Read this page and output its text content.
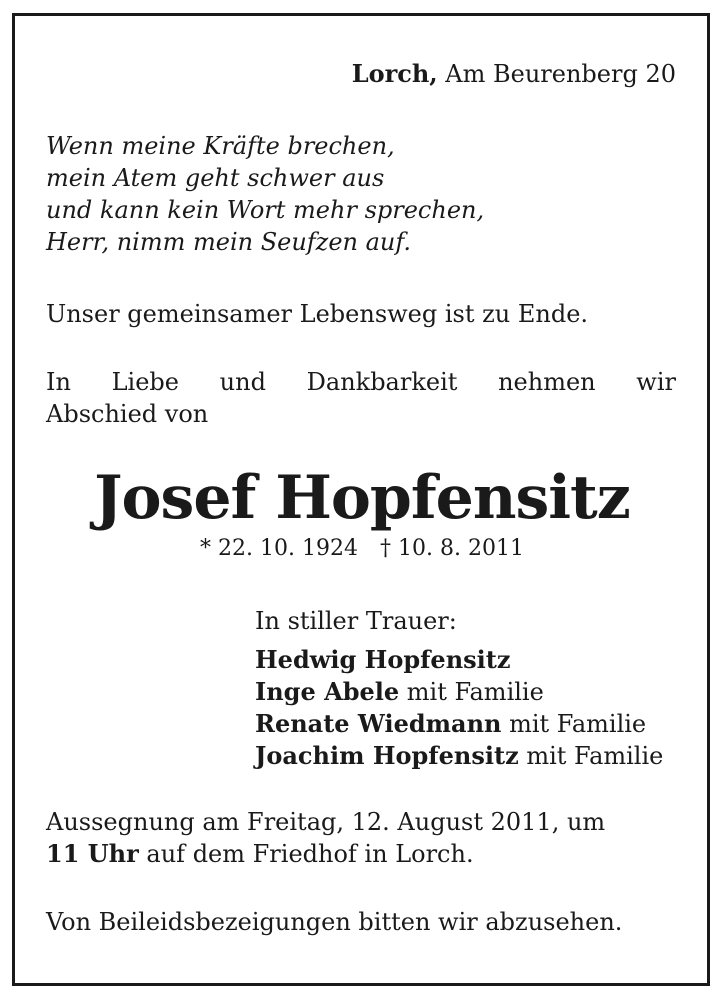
Lorch, Am Beurenberg 20
Wenn meine Kräfte brechen,
mein Atem geht schwer aus
und kann kein Wort mehr sprechen,
Herr, nimm mein Seufzen auf.
Unser gemeinsamer Lebensweg ist zu Ende.
In Liebe und Dankbarkeit nehmen wir
Abschied von
Josef Hopfensitz
* 22. 10. 1924 † 10. 8. 2011
In stiller Trauer:
Hedwig Hopfensitz
Inge Abele mit Familie
Renate Wiedmann mit Familie
Joachim Hopfensitz mit Familie
Aussegnung am Freitag, 12. August 2011, um
11 Uhr auf dem Friedhof in Lorch.
Von Beileidsbezeigungen bitten wir abzusehen.
